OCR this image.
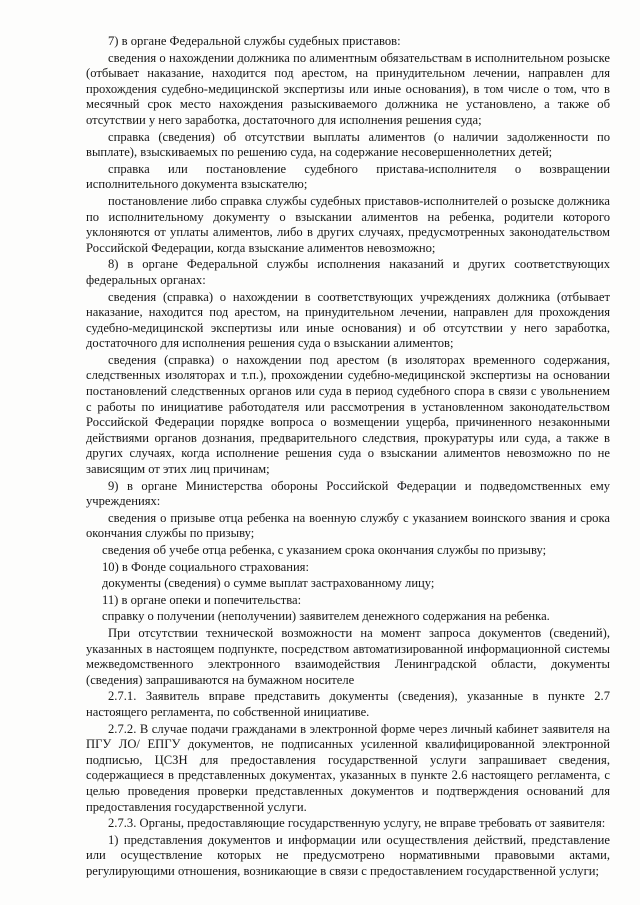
7) в органе Федеральной службы судебных приставов:

сведения о нахождении должника по алиментным обязательствам в исполнительном розыске (отбывает наказание, находится под арестом, на принудительном лечении, направлен для прохождения судебно-медицинской экспертизы или иные основания), в том числе о том, что в месячный срок место нахождения разыскиваемого должника не установлено, а также об отсутствии у него заработка, достаточного для исполнения решения суда;

справка (сведения) об отсутствии выплаты алиментов (о наличии задолженности по выплате), взыскиваемых по решению суда, на содержание несовершеннолетних детей;

справка или постановление судебного пристава-исполнителя о возвращении исполнительного документа взыскателю;

постановление либо справка службы судебных приставов-исполнителей о розыске должника по исполнительному документу о взыскании алиментов на ребенка, родители которого уклоняются от уплаты алиментов, либо в других случаях, предусмотренных законодательством Российской Федерации, когда взыскание алиментов невозможно;

8) в органе Федеральной службы исполнения наказаний и других соответствующих федеральных органах:

сведения (справка) о нахождении в соответствующих учреждениях должника (отбывает наказание, находится под арестом, на принудительном лечении, направлен для прохождения судебно-медицинской экспертизы или иные основания) и об отсутствии у него заработка, достаточного для исполнения решения суда о взыскании алиментов;

сведения (справка) о нахождении под арестом (в изоляторах временного содержания, следственных изоляторах и т.п.), прохождении судебно-медицинской экспертизы на основании постановлений следственных органов или суда в период судебного спора в связи с увольнением с работы по инициативе работодателя или рассмотрения в установленном законодательством Российской Федерации порядке вопроса о возмещении ущерба, причиненного незаконными действиями органов дознания, предварительного следствия, прокуратуры или суда, а также в других случаях, когда исполнение решения суда о взыскании алиментов невозможно по не зависящим от этих лиц причинам;

9) в органе Министерства обороны Российской Федерации и подведомственных ему учреждениях:

сведения о призыве отца ребенка на военную службу с указанием воинского звания и срока окончания службы по призыву;

сведения об учебе отца ребенка, с указанием срока окончания службы по призыву;

10) в Фонде социального страхования:

документы (сведения) о сумме выплат застрахованному лицу;

11) в органе опеки и попечительства:

справку о получении (неполучении) заявителем денежного содержания на ребенка.

При отсутствии технической возможности на момент запроса документов (сведений), указанных в настоящем подпункте, посредством автоматизированной информационной системы межведомственного электронного взаимодействия Ленинградской области, документы (сведения) запрашиваются на бумажном носителе

2.7.1. Заявитель вправе представить документы (сведения), указанные в пункте 2.7 настоящего регламента, по собственной инициативе.

2.7.2. В случае подачи гражданами в электронной форме через личный кабинет заявителя на ПГУ ЛО/ ЕПГУ документов, не подписанных усиленной квалифицированной электронной подписью, ЦСЗН для предоставления государственной услуги запрашивает сведения, содержащиеся в представленных документах, указанных в пункте 2.6 настоящего регламента, с целью проведения проверки представленных документов и подтверждения оснований для предоставления государственной услуги.

2.7.3. Органы, предоставляющие государственную услугу, не вправе требовать от заявителя:

1) представления документов и информации или осуществления действий, представление или осуществление которых не предусмотрено нормативными правовыми актами, регулирующими отношения, возникающие в связи с предоставлением государственной услуги;
